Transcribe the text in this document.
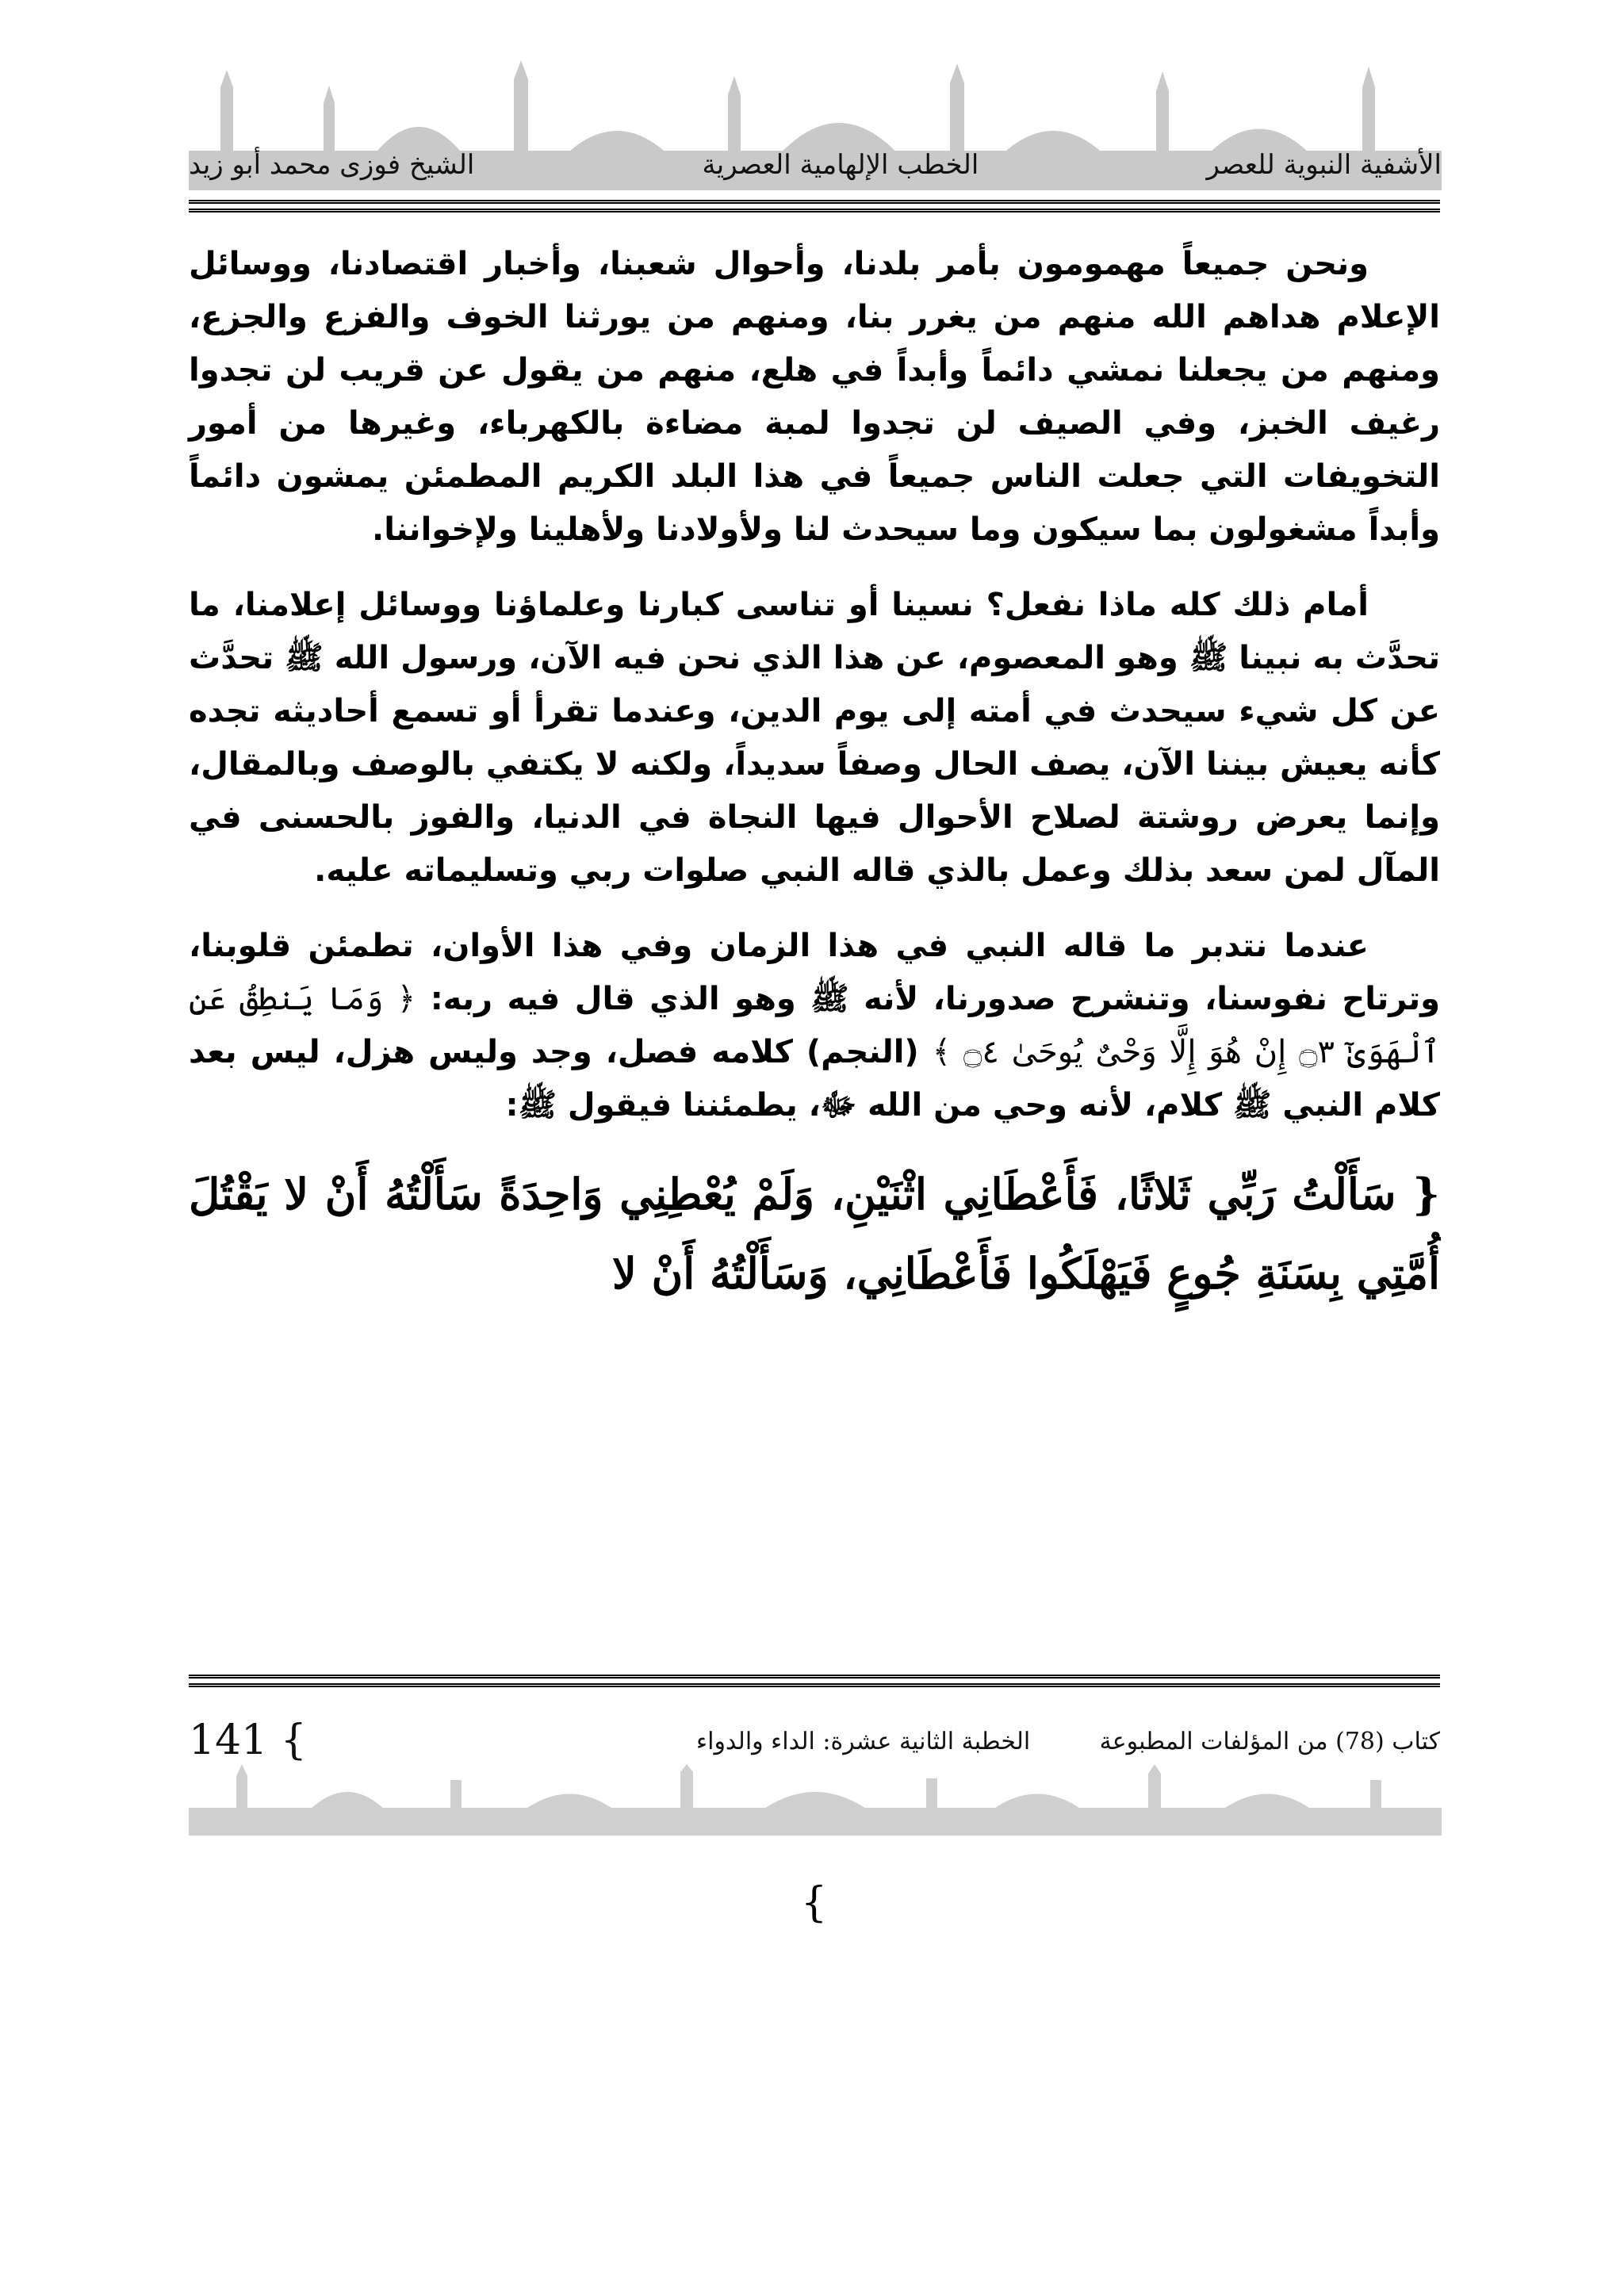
الشيخ فوزى محمد أبو زيد	الخطب الإلهامية العصرية	الأشفية النبوية للعصر

ونحن جميعاً مهمومون بأمر بلدنا، وأحوال شعبنا، وأخبار اقتصادنا، ووسائل الإعلام هداهم الله منهم من يغرر بنا، ومنهم من يورثنا الخوف والفزع والجزع، ومنهم من يجعلنا نمشي دائماً وأبداً في هلع، منهم من يقول عن قريب لن تجدوا رغيف الخبز، وفي الصيف لن تجدوا لمبة مضاءة بالكهرباء، وغيرها من أمور التخويفات التي جعلت الناس جميعاً في هذا البلد الكريم المطمئن يمشون دائماً وأبداً مشغولون بما سيكون وما سيحدث لنا ولأولادنا ولأهلينا ولإخواننا.

أمام ذلك كله ماذا نفعل؟ نسينا أو تناسى كبارنا وعلماؤنا ووسائل إعلامنا، ما تحدَّث به نبينا ﷺ وهو المعصوم، عن هذا الذي نحن فيه الآن، ورسول الله ﷺ تحدَّث عن كل شيء سيحدث في أمته إلى يوم الدين، وعندما تقرأ أو تسمع أحاديثه تجده كأنه يعيش بيننا الآن، يصف الحال وصفاً سديداً، ولكنه لا يكتفي بالوصف وبالمقال، وإنما يعرض روشتة لصلاح الأحوال فيها النجاة في الدنيا، والفوز بالحسنى في المآل لمن سعد بذلك وعمل بالذي قاله النبي صلوات ربي وتسليماته عليه.

عندما نتدبر ما قاله النبي في هذا الزمان وفي هذا الأوان، تطمئن قلوبنا، وترتاح نفوسنا، وتنشرح صدورنا، لأنه ﷺ وهو الذي قال فيه ربه: ﴿ وَمَا يَنطِقُ عَنِ ٱلْهَوَىٰٓ ۝٣ إِنْ هُوَ إِلَّا وَحْىٌ يُوحَىٰ ۝٤ ﴾ (النجم) كلامه فصل، وجد وليس هزل، ليس بعد كلام النبي ﷺ كلام، لأنه وحي من الله ﷻ، يطمئننا فيقول ﷺ:

{ سَأَلْتُ رَبِّي ثَلاثًا، فَأَعْطَانِي اثْنَيْنِ، وَلَمْ يُعْطِنِي وَاحِدَةً سَأَلْتُهُ أَنْ لا يَقْتُلَ أُمَّتِي بِسَنَةِ جُوعٍ فَيَهْلَكُوا فَأَعْطَانِي، وَسَأَلْتُهُ أَنْ لا

141 {	الخطبة الثانية عشرة: الداء والدواء	كتاب (78) من المؤلفات المطبوعة
{
